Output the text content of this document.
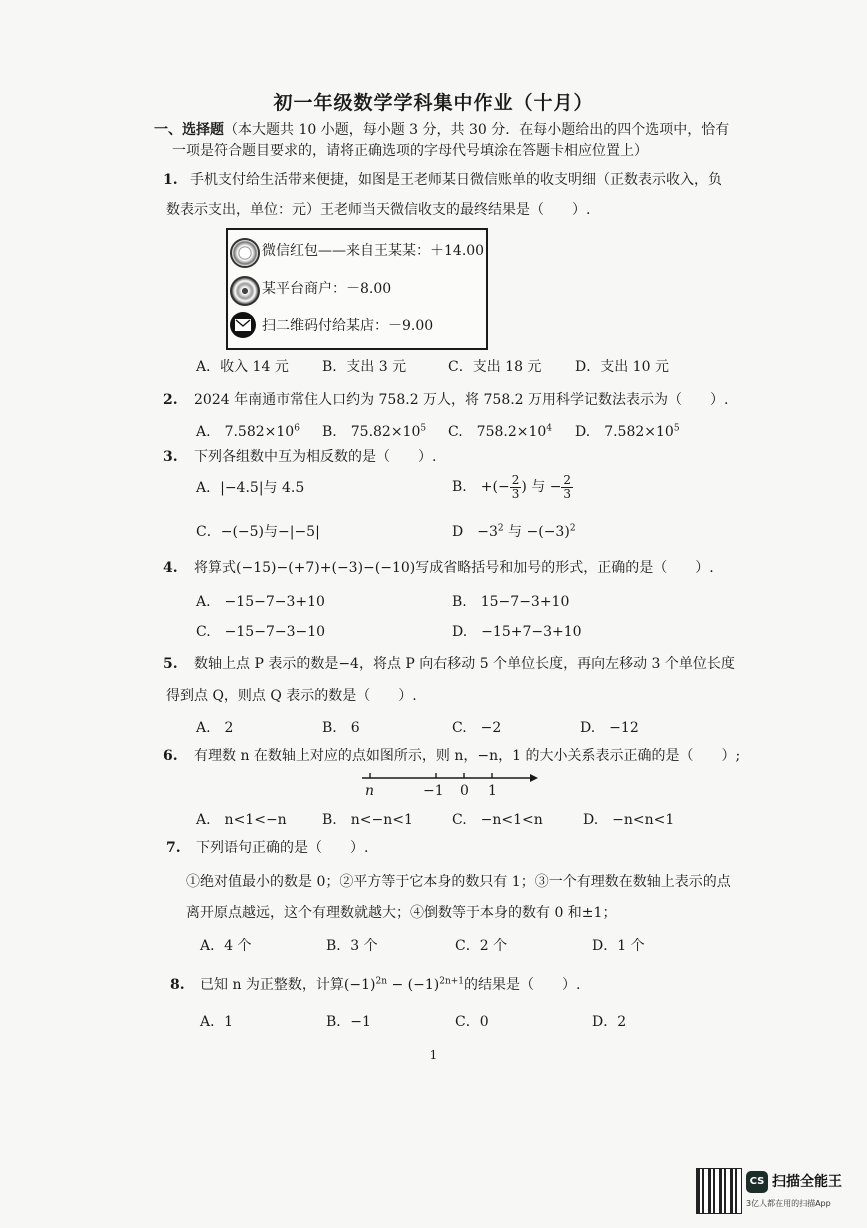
初一年级数学学科集中作业（十月）
一、选择题（本大题共 10 小题，每小题 3 分，共 30 分．在每小题给出的四个选项中，恰有
一项是符合题目要求的，请将正确选项的字母代号填涂在答题卡相应位置上）
1. 手机支付给生活带来便捷，如图是王老师某日微信账单的收支明细（正数表示收入，负
数表示支出，单位：元）王老师当天微信收支的最终结果是（　　）.
微信红包——来自王某某：＋14.00
某平台商户：－8.00
扫二维码付给某店：－9.00
A．收入 14 元 B．支出 3 元	C．支出 18 元 D．支出 10 元
2. 2024 年南通市常住人口约为 758.2 万人，将 758.2 万用科学记数法表示为（　　）.
A.　 $7.582\times 10^6$ B.　 $75.82\times 10^5$ C.　 $758.2\times 10^4$ D.　 $7.582\times 10^5$
3. 下列各组数中互为相反数的是（　　）.
A．|−4.5|与 4.5	B.　 +(− $\frac{2}{3}$ ) 与 − $\frac{2}{3}$
C．−(−5)与−|−5|	D　 $-3^2$ 与 $-(-3)^2$
4. 将算式(−15)−(+7)+(−3)−(−10)写成省略括号和加号的形式，正确的是（　　）.
A.　−15−7−3+10	B.　15−7−3+10
C.　−15−7−3−10	D.　−15+7−3+10
5. 数轴上点 P 表示的数是−4，将点 P 向右移动 5 个单位长度，再向左移动 3 个单位长度
得到点 Q，则点 Q 表示的数是（　　）.
A.　2	B.　6	C.　−2	D.　−12
6. 有理数 n 在数轴上对应的点如图所示，则 n，−n，1 的大小关系表示正确的是（　　）;
n	−1 0 1
A.　n<1<−n	B.　n<−n<1	C.　−n<1<n	D.　−n<n<1
7. 下列语句正确的是（　　）.
①绝对值最小的数是 0；②平方等于它本身的数只有 1；③一个有理数在数轴上表示的点
离开原点越远，这个有理数就越大；④倒数等于本身的数有 0 和±1；
A．4 个	B．3 个	C．2 个	D．1 个
8. 已知 n 为正整数，计算$(-1)^{2n} - (-1)^{2n+1}$的结果是（　　）.
A．1	B．−1	C．0	D．2
1
CS 扫描全能王
3亿人都在用的扫描App
